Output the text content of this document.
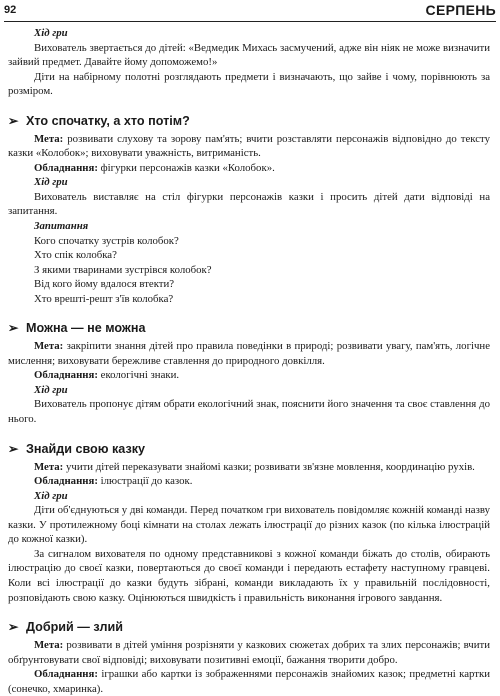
92	СЕРПЕНЬ

Хід гри

Вихователь звертається до дітей: «Ведмедик Михась засмучений, адже він ніяк не може визначити зайвий предмет. Давайте йому допоможемо!»

Діти на набірному полотні розглядають предмети і визначають, що зайве і чому, порівнюють за розміром.

➢ Хто спочатку, а хто потім?

Мета: розвивати слухову та зорову пам'ять; вчити розставляти персонажів відповідно до тексту казки «Колобок»; виховувати уважність, витриманість.

Обладнання: фігурки персонажів казки «Колобок».

Хід гри

Вихователь виставляє на стіл фігурки персонажів казки і просить дітей дати відповіді на запитання.

Запитання

Кого спочатку зустрів колобок?

Хто спік колобка?

З якими тваринами зустрівся колобок?

Від кого йому вдалося втекти?

Хто врешті-решт з'їв колобка?

➢ Можна — не можна

Мета: закріпити знання дітей про правила поведінки в природі; розвивати увагу, пам'ять, логічне мислення; виховувати бережливе ставлення до природного довкілля.

Обладнання: екологічні знаки.

Хід гри

Вихователь пропонує дітям обрати екологічний знак, пояснити його значення та своє ставлення до нього.

➢ Знайди свою казку

Мета: учити дітей переказувати знайомі казки; розвивати зв'язне мовлення, координацію рухів.

Обладнання: ілюстрації до казок.

Хід гри

Діти об'єднуються у дві команди. Перед початком гри вихователь повідомляє кожній команді назву казки. У протилежному боці кімнати на столах лежать ілюстрації до різних казок (по кілька ілюстрацій до кожної казки).

За сигналом вихователя по одному представникові з кожної команди біжать до столів, обирають ілюстрацію до своєї казки, повертаються до своєї команди і передають естафету наступному гравцеві. Коли всі ілюстрації до казки будуть зібрані, команди викладають їх у правильній послідовності, розповідають свою казку. Оцінюються швидкість і правильність виконання ігрового завдання.

➢ Добрий — злий

Мета: розвивати в дітей уміння розрізняти у казкових сюжетах добрих та злих персонажів; вчити обґрунтовувати свої відповіді; виховувати позитивні емоції, бажання творити добро.

Обладнання: іграшки або картки із зображеннями персонажів знайомих казок; предметні картки (сонечко, хмаринка).
